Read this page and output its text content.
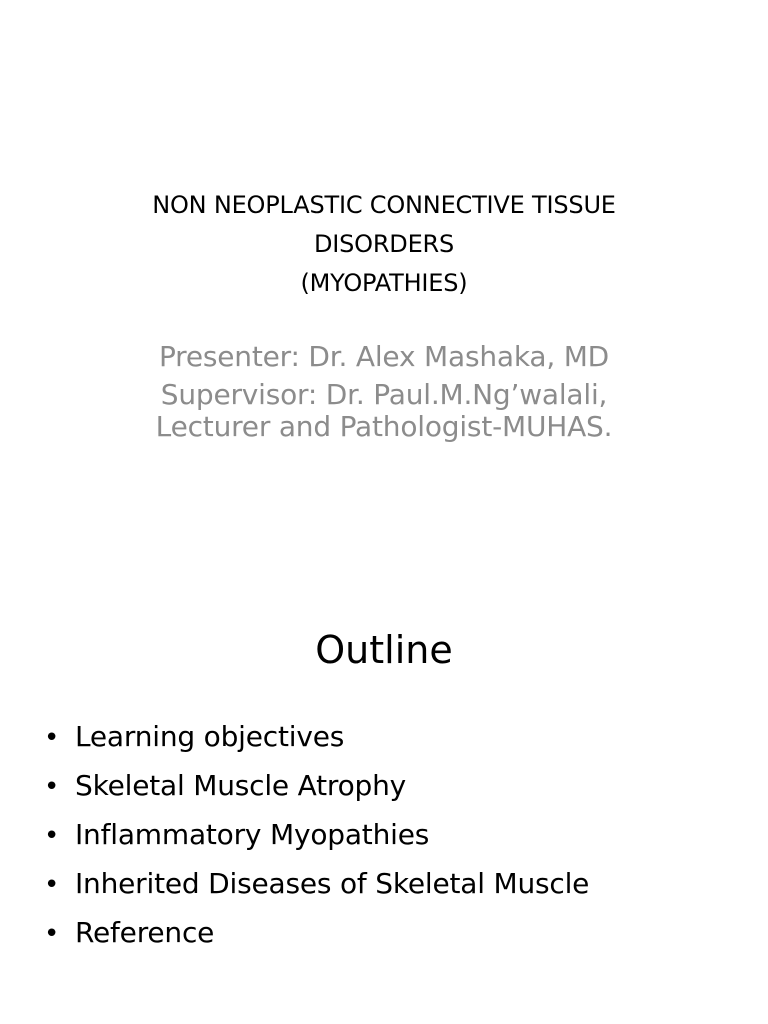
NON NEOPLASTIC CONNECTIVE TISSUE
DISORDERS
(MYOPATHIES)
Presenter: Dr. Alex Mashaka, MD
Supervisor: Dr. Paul.M.Ng’walali,
Lecturer and Pathologist-MUHAS.
Outline
• Learning objectives
• Skeletal Muscle Atrophy
• Inflammatory Myopathies
• Inherited Diseases of Skeletal Muscle
• Reference
